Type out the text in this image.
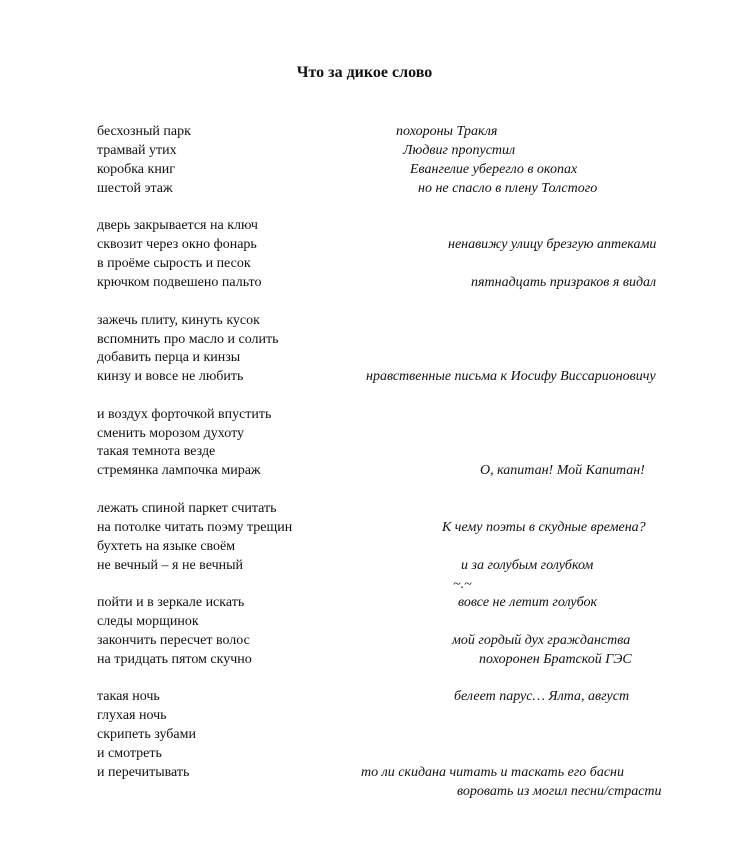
Что за дикое слово
бесхозный парк
трамвай утих
коробка книг
шестой этаж
дверь закрывается на ключ
сквозит через окно фонарь
в проёме сырость и песок
крючком подвешено пальто
зажечь плиту, кинуть кусок
вспомнить про масло и солить
добавить перца и кинзы
кинзу и вовсе не любить
и воздух форточкой впустить
сменить морозом духоту
такая темнота везде
стремянка лампочка мираж
лежать спиной паркет считать
на потолке читать поэму трещин
бухтеть на языке своём
не вечный – я не вечный
пойти и в зеркале искать
следы морщинок
закончить пересчет волос
на тридцать пятом скучно
такая ночь
глухая ночь
скрипеть зубами
и смотреть
и перечитывать
похороны Тракля
Людвиг пропустил
Евангелие уберегло в окопах
но не спасло в плену Толстого
ненавижу улицу брезгую аптеками
пятнадцать призраков я видал
нравственные письма к Иосифу Виссарионовичу
О, капитан! Мой Капитан!
К чему поэты в скудные времена?
и за голубым голубком
~.~
вовсе не летит голубок
мой гордый дух гражданства
похоронен Братской ГЭС
белеет парус… Ялта, август
то ли скидана читать и таскать его басни
воровать из могил песни/страсти
